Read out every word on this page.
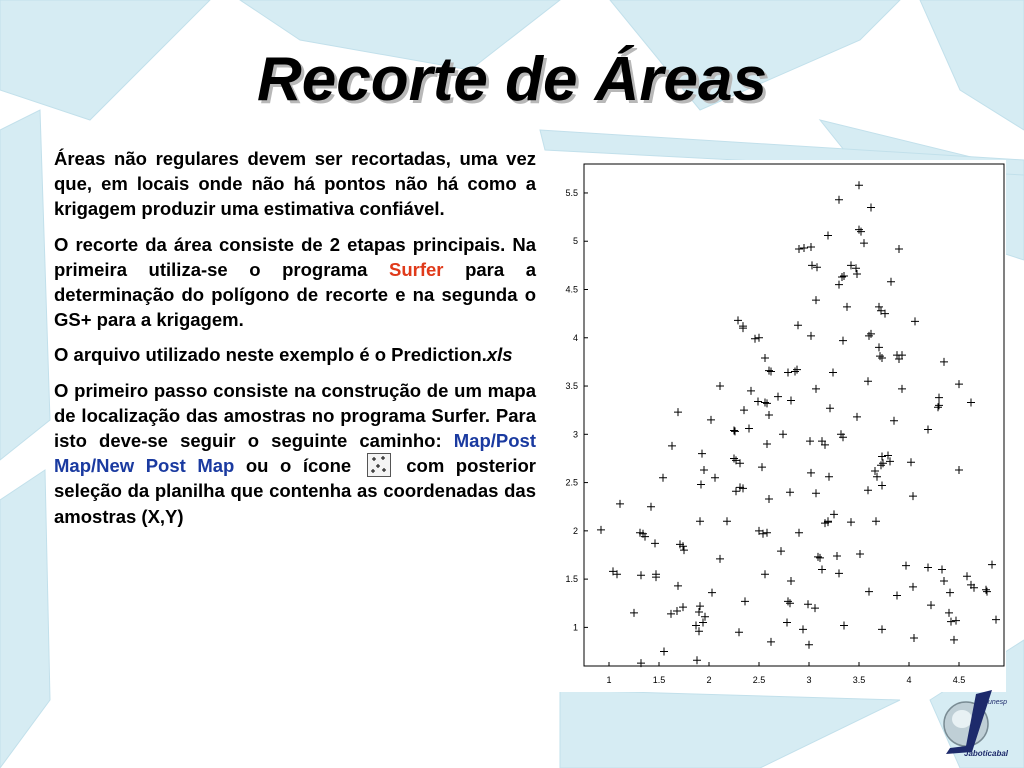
Recorte de Áreas

Áreas não regulares devem ser recortadas, uma vez que, em locais onde não há pontos não há como a krigagem produzir uma estimativa confiável.

O recorte da área consiste de 2 etapas principais. Na primeira utiliza-se o programa Surfer para a determinação do polígono de recorte e na segunda o GS+ para a krigagem.

O arquivo utilizado neste exemplo é o Prediction.xls

O primeiro passo consiste na construção de um mapa de localização das amostras no programa Surfer. Para isto deve-se seguir o seguinte caminho: Map/Post Map/New Post Map ou o ícone
com posterior seleção da planilha que contenha as coordenadas das amostras (X,Y)

1
1.5
2
2.5
3
3.5
4
4.5
5
5.5
1	1.5	2	2.5	3	3.5	4	4.5
unesp
Jaboticabal
